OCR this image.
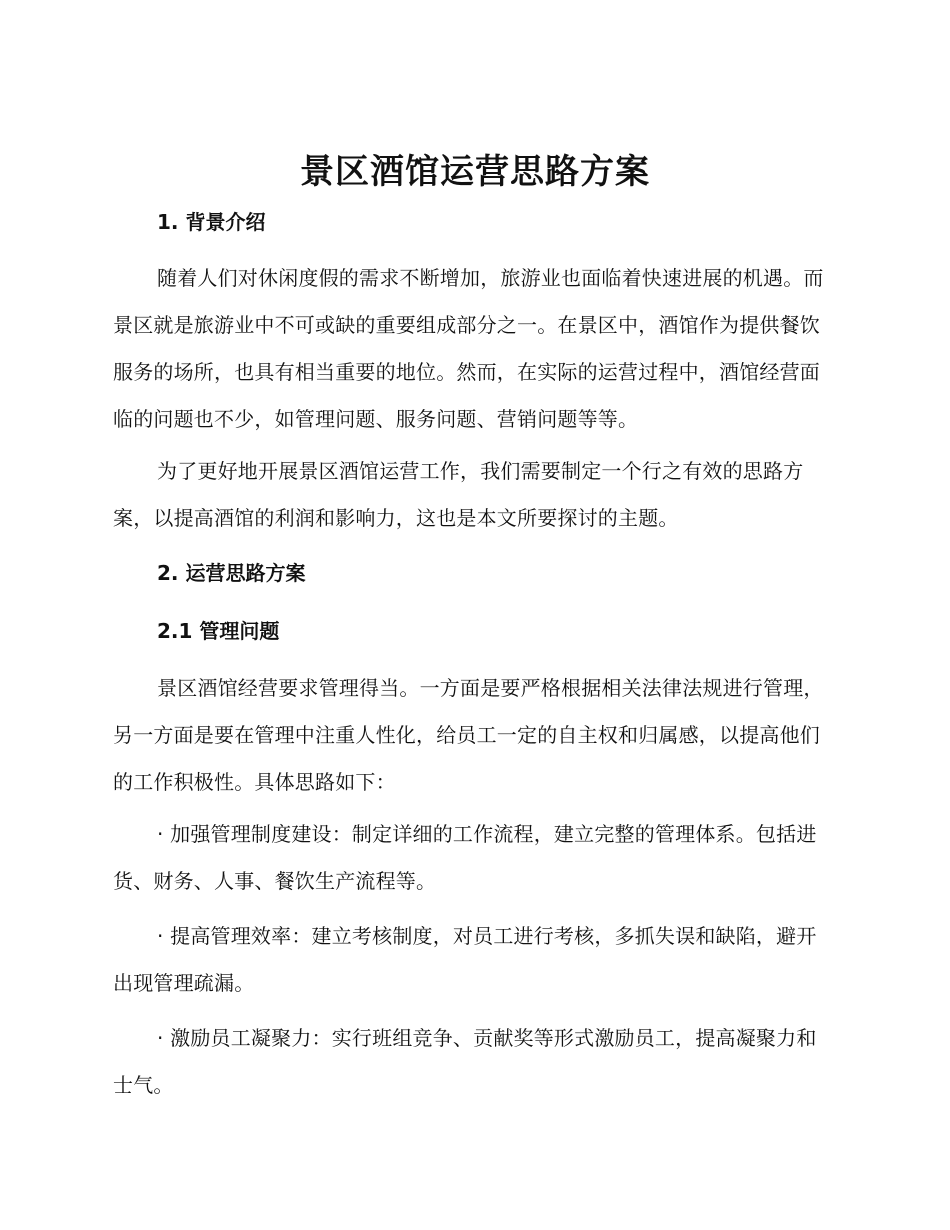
景区酒馆运营思路方案
1. 背景介绍

随着人们对休闲度假的需求不断增加，旅游业也面临着快速进展的机遇。而景区就是旅游业中不可或缺的重要组成部分之一。在景区中，酒馆作为提供餐饮服务的场所，也具有相当重要的地位。然而，在实际的运营过程中，酒馆经营面临的问题也不少，如管理问题、服务问题、营销问题等等。

为了更好地开展景区酒馆运营工作，我们需要制定一个行之有效的思路方案，以提高酒馆的利润和影响力，这也是本文所要探讨的主题。

2. 运营思路方案
2.1 管理问题

景区酒馆经营要求管理得当。一方面是要严格根据相关法律法规进行管理，另一方面是要在管理中注重人性化，给员工一定的自主权和归属感，以提高他们的工作积极性。具体思路如下：

· 加强管理制度建设：制定详细的工作流程，建立完整的管理体系。包括进货、财务、人事、餐饮生产流程等。

· 提高管理效率：建立考核制度，对员工进行考核，多抓失误和缺陷，避开出现管理疏漏。

· 激励员工凝聚力：实行班组竞争、贡献奖等形式激励员工，提高凝聚力和士气。
